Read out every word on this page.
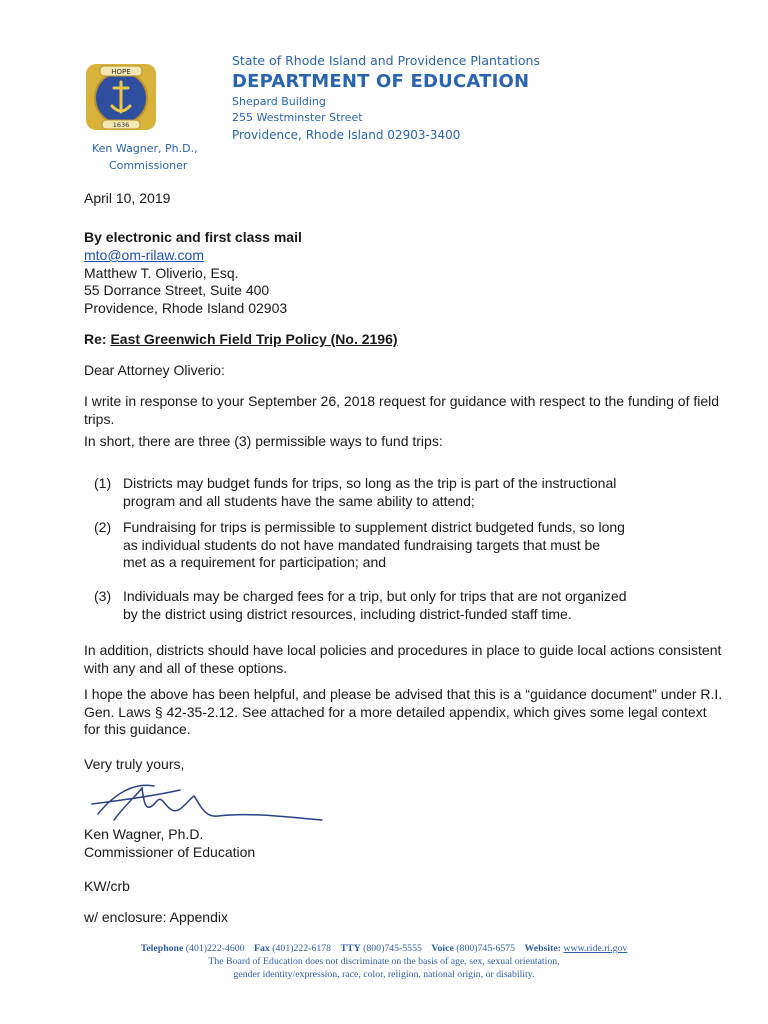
HOPE
1636
State of Rhode Island and Providence Plantations
DEPARTMENT OF EDUCATION
Shepard Building
255 Westminster Street
Providence, Rhode Island 02903-3400
Ken Wagner, Ph.D.,
Commissioner
April 10, 2019
By electronic and first class mail
mto@om-rilaw.com
Matthew T. Oliverio, Esq.
55 Dorrance Street, Suite 400
Providence, Rhode Island 02903
Re: East Greenwich Field Trip Policy (No. 2196)
Dear Attorney Oliverio:
I write in response to your September 26, 2018 request for guidance with respect to the funding of field trips.
In short, there are three (3) permissible ways to fund trips:
(1) Districts may budget funds for trips, so long as the trip is part of the instructional
program and all students have the same ability to attend;
(2) Fundraising for trips is permissible to supplement district budgeted funds, so long
as individual students do not have mandated fundraising targets that must be
met as a requirement for participation; and
(3) Individuals may be charged fees for a trip, but only for trips that are not organized
by the district using district resources, including district-funded staff time.
In addition, districts should have local policies and procedures in place to guide local actions consistent with any and all of these options.
I hope the above has been helpful, and please be advised that this is a “guidance document” under R.I. Gen. Laws § 42-35-2.12. See attached for a more detailed appendix, which gives some legal context for this guidance.
Very truly yours,
Ken Wagner, Ph.D.
Commissioner of Education
KW/crb
w/ enclosure: Appendix
Telephone (401)222-4600 Fax (401)222-6178 TTY (800)745-5555 Voice (800)745-6575 Website: www.ride.ri.gov
The Board of Education does not discriminate on the basis of age, sex, sexual orientation,
gender identity/expression, race, color, religion, national origin, or disability.
